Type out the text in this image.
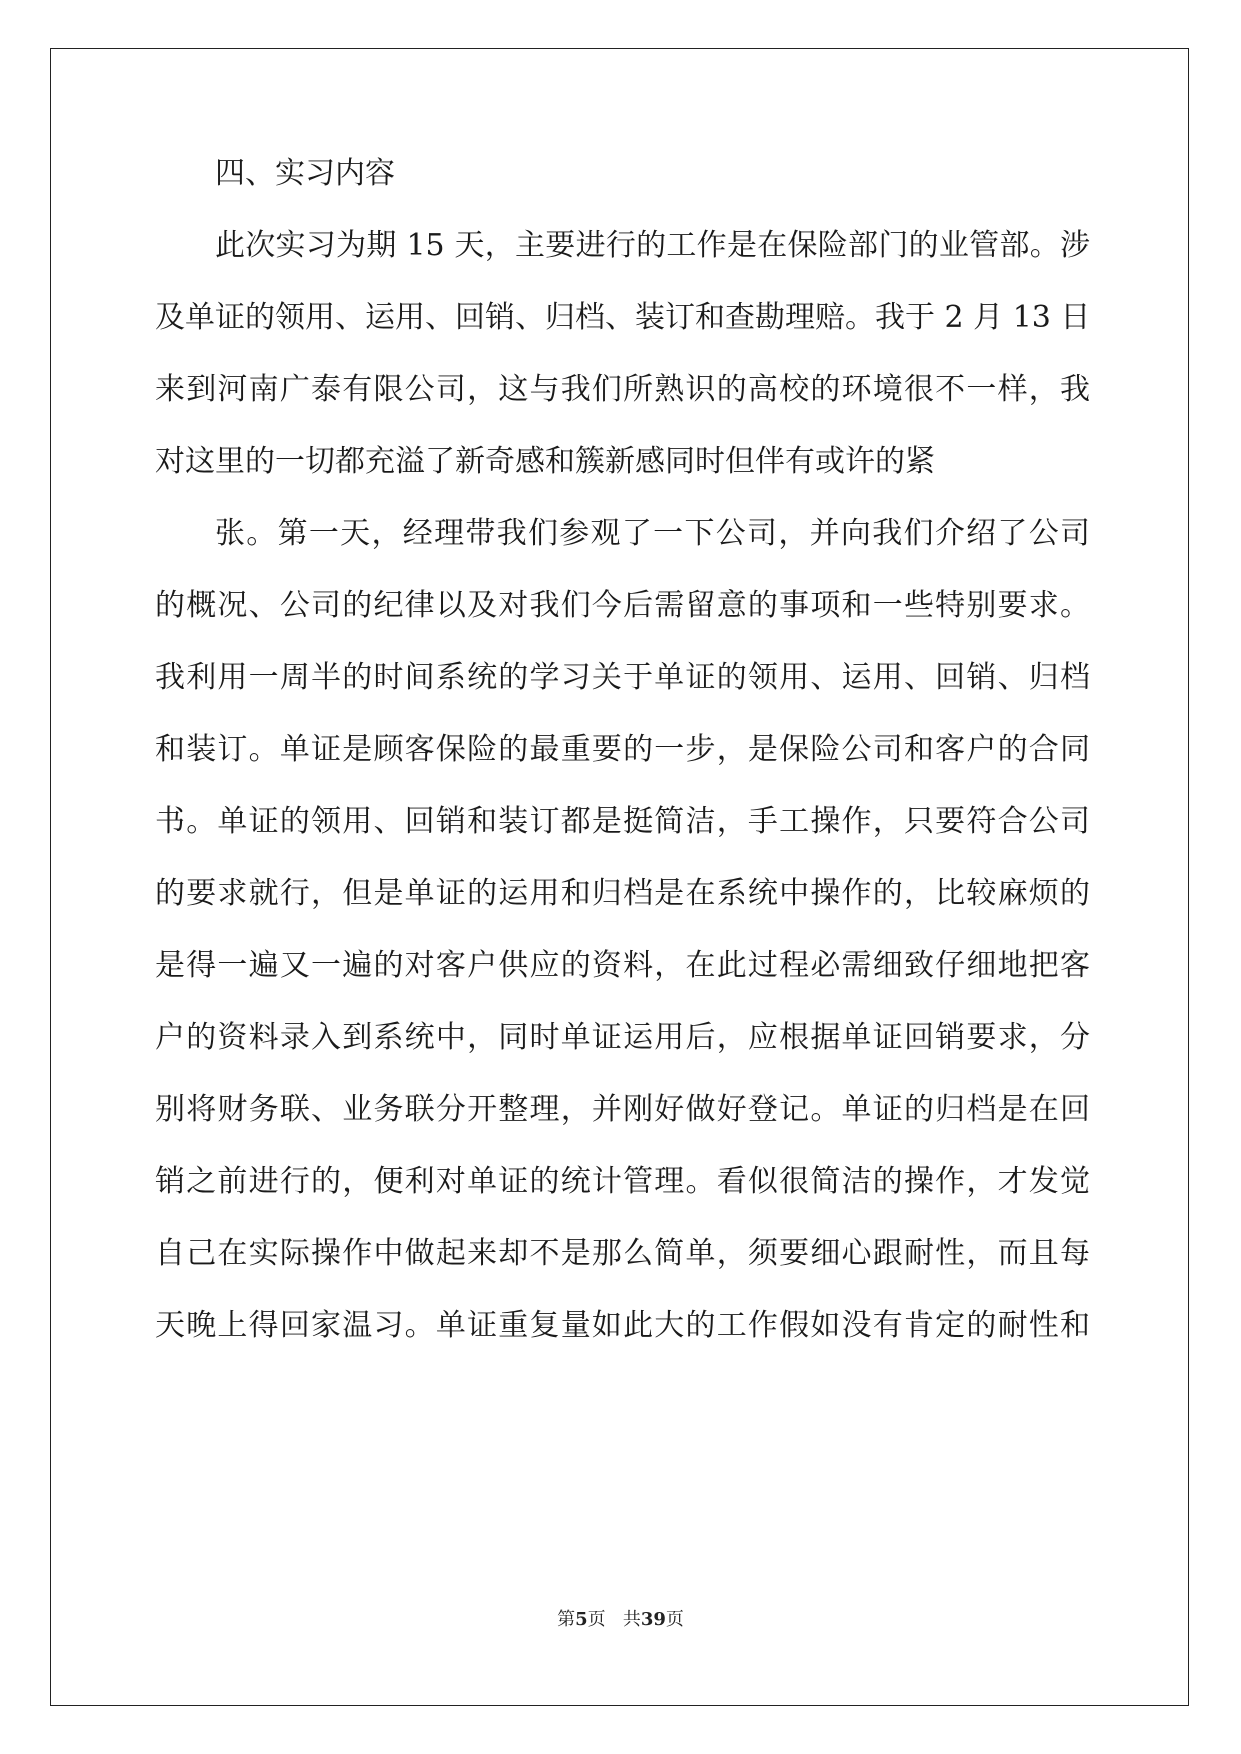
四、实习内容
此次实习为期 15 天，主要进行的工作是在保险部门的业管部。涉
及单证的领用、运用、回销、归档、装订和查勘理赔。我于 2 月 13 日
来到河南广泰有限公司，这与我们所熟识的高校的环境很不一样，我
对这里的一切都充溢了新奇感和簇新感同时但伴有或许的紧
张。第一天，经理带我们参观了一下公司，并向我们介绍了公司
的概况、公司的纪律以及对我们今后需留意的事项和一些特别要求。
我利用一周半的时间系统的学习关于单证的领用、运用、回销、归档
和装订。单证是顾客保险的最重要的一步，是保险公司和客户的合同
书。单证的领用、回销和装订都是挺简洁，手工操作，只要符合公司
的要求就行，但是单证的运用和归档是在系统中操作的，比较麻烦的
是得一遍又一遍的对客户供应的资料，在此过程必需细致仔细地把客
户的资料录入到系统中，同时单证运用后，应根据单证回销要求，分
别将财务联、业务联分开整理，并刚好做好登记。单证的归档是在回
销之前进行的，便利对单证的统计管理。看似很简洁的操作，才发觉
自己在实际操作中做起来却不是那么简单，须要细心跟耐性，而且每
天晚上得回家温习。单证重复量如此大的工作假如没有肯定的耐性和
第5页 共39页
